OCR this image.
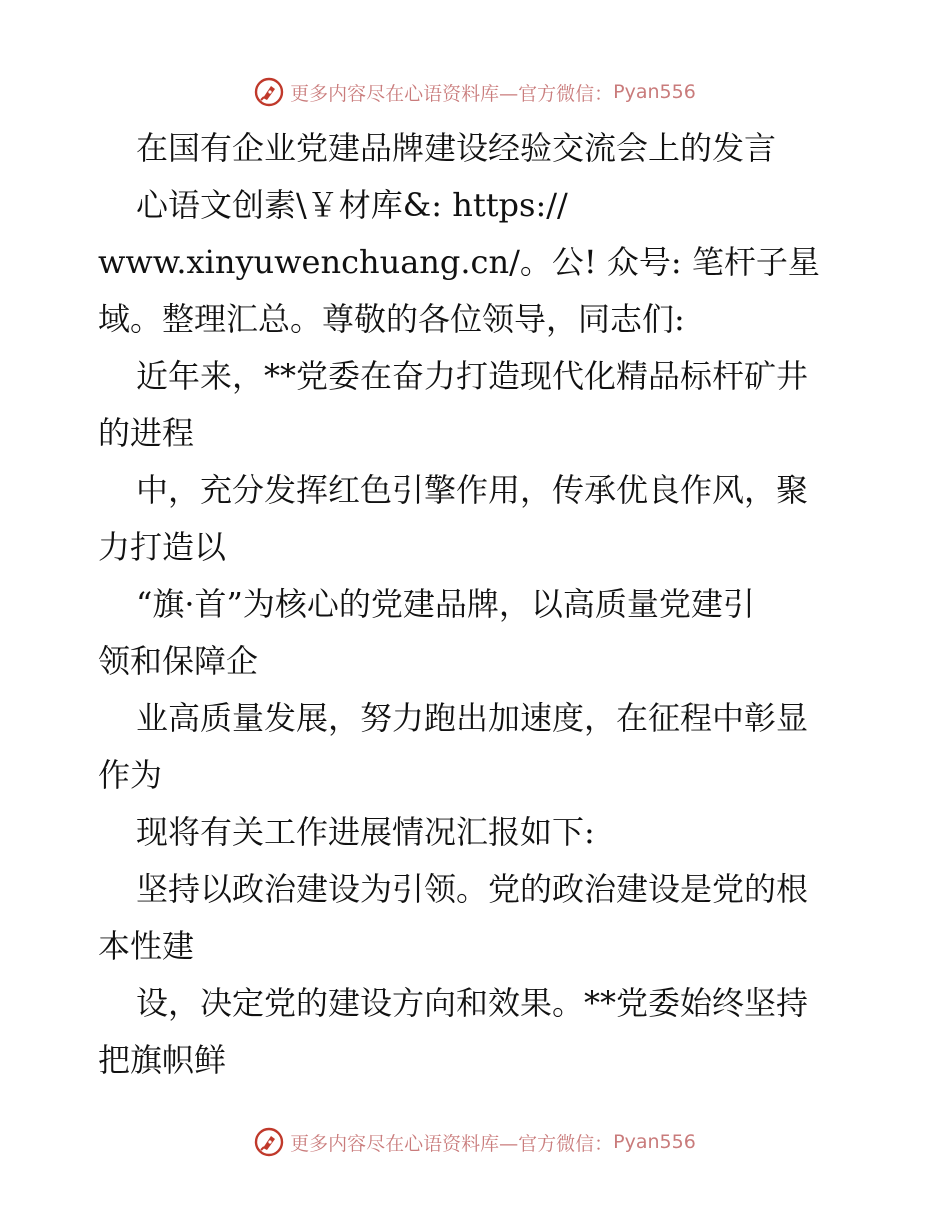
更多内容尽在心语资料库—官方微信： Pyan556
在国有企业党建品牌建设经验交流会上的发言
心语文创素\￥材库&: https://
www.xinyuwenchuang.cn/。公! 众号: 笔杆子星
域。整理汇总。尊敬的各位领导，同志们:
近年来，**党委在奋力打造现代化精品标杆矿井
的进程
中，充分发挥红色引擎作用，传承优良作风，聚
力打造以
“旗·首”为核心的党建品牌，以高质量党建引
领和保障企
业高质量发展，努力跑出加速度，在征程中彰显
作为
现将有关工作进展情况汇报如下:
坚持以政治建设为引领。党的政治建设是党的根
本性建
设，决定党的建设方向和效果。**党委始终坚持
把旗帜鲜
更多内容尽在心语资料库—官方微信： Pyan556
